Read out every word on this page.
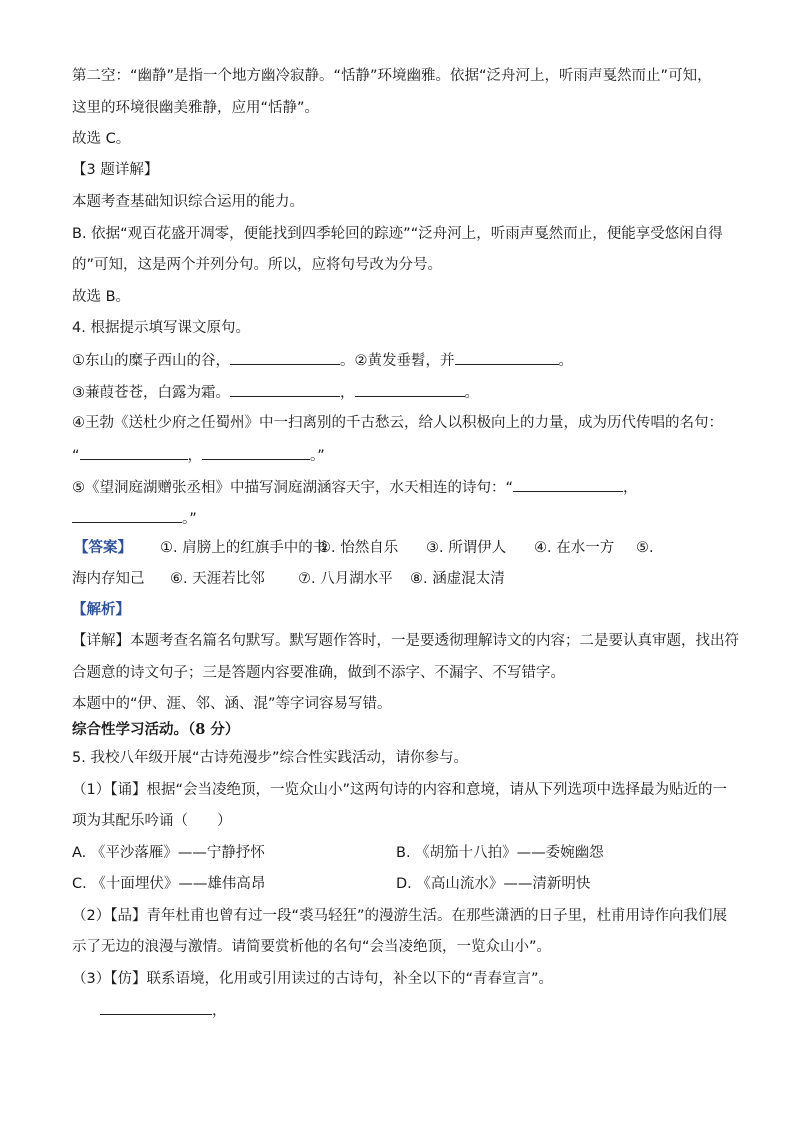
第二空：“幽静”是指一个地方幽冷寂静。“恬静”环境幽雅。依据“泛舟河上，听雨声戛然而止”可知，
这里的环境很幽美雅静，应用“恬静”。
故选 C。
【3 题详解】
本题考查基础知识综合运用的能力。
B. 依据“观百花盛开凋零，便能找到四季轮回的踪迹”“泛舟河上，听雨声戛然而止，便能享受悠闲自得
的”可知，这是两个并列分句。所以，应将句号改为分号。
故选 B。
4. 根据提示填写课文原句。
①东山的糜子西山的谷，	。②黄发垂髫，并	。
③蒹葭苍苍，白露为霜。	，	。
④王勃《送杜少府之任蜀州》中一扫离别的千古愁云，给人以积极向上的力量，成为历代传唱的名句：
“	，	。”
⑤《望洞庭湖赠张丞相》中描写洞庭湖涵容天宇，水天相连的诗句：“	，
。”
【答案】 ①. 肩膀上的红旗手中的书②. 怡然自乐 ③. 所谓伊人 ④. 在水一方 ⑤.
海内存知己 ⑥. 天涯若比邻 ⑦. 八月湖水平 ⑧. 涵虚混太清
【解析】
【详解】本题考查名篇名句默写。默写题作答时，一是要透彻理解诗文的内容；二是要认真审题，找出符
合题意的诗文句子；三是答题内容要准确，做到不添字、不漏字、不写错字。
本题中的“伊、涯、邻、涵、混”等字词容易写错。
综合性学习活动。（8 分）
5. 我校八年级开展“古诗苑漫步”综合性实践活动，请你参与。
（1）【诵】根据“会当凌绝顶，一览众山小”这两句诗的内容和意境，请从下列选项中选择最为贴近的一
项为其配乐吟诵（　　）
A. 《平沙落雁》——宁静抒怀	B. 《胡笳十八拍》——委婉幽怨
C. 《十面埋伏》——雄伟高昂	D. 《高山流水》——清新明快
（2）【品】青年杜甫也曾有过一段“裘马轻狂”的漫游生活。在那些潇洒的日子里，杜甫用诗作向我们展
示了无边的浪漫与激情。请简要赏析他的名句“会当凌绝顶，一览众山小”。
（3）【仿】联系语境，化用或引用读过的古诗句，补全以下的“青春宣言”。
，
